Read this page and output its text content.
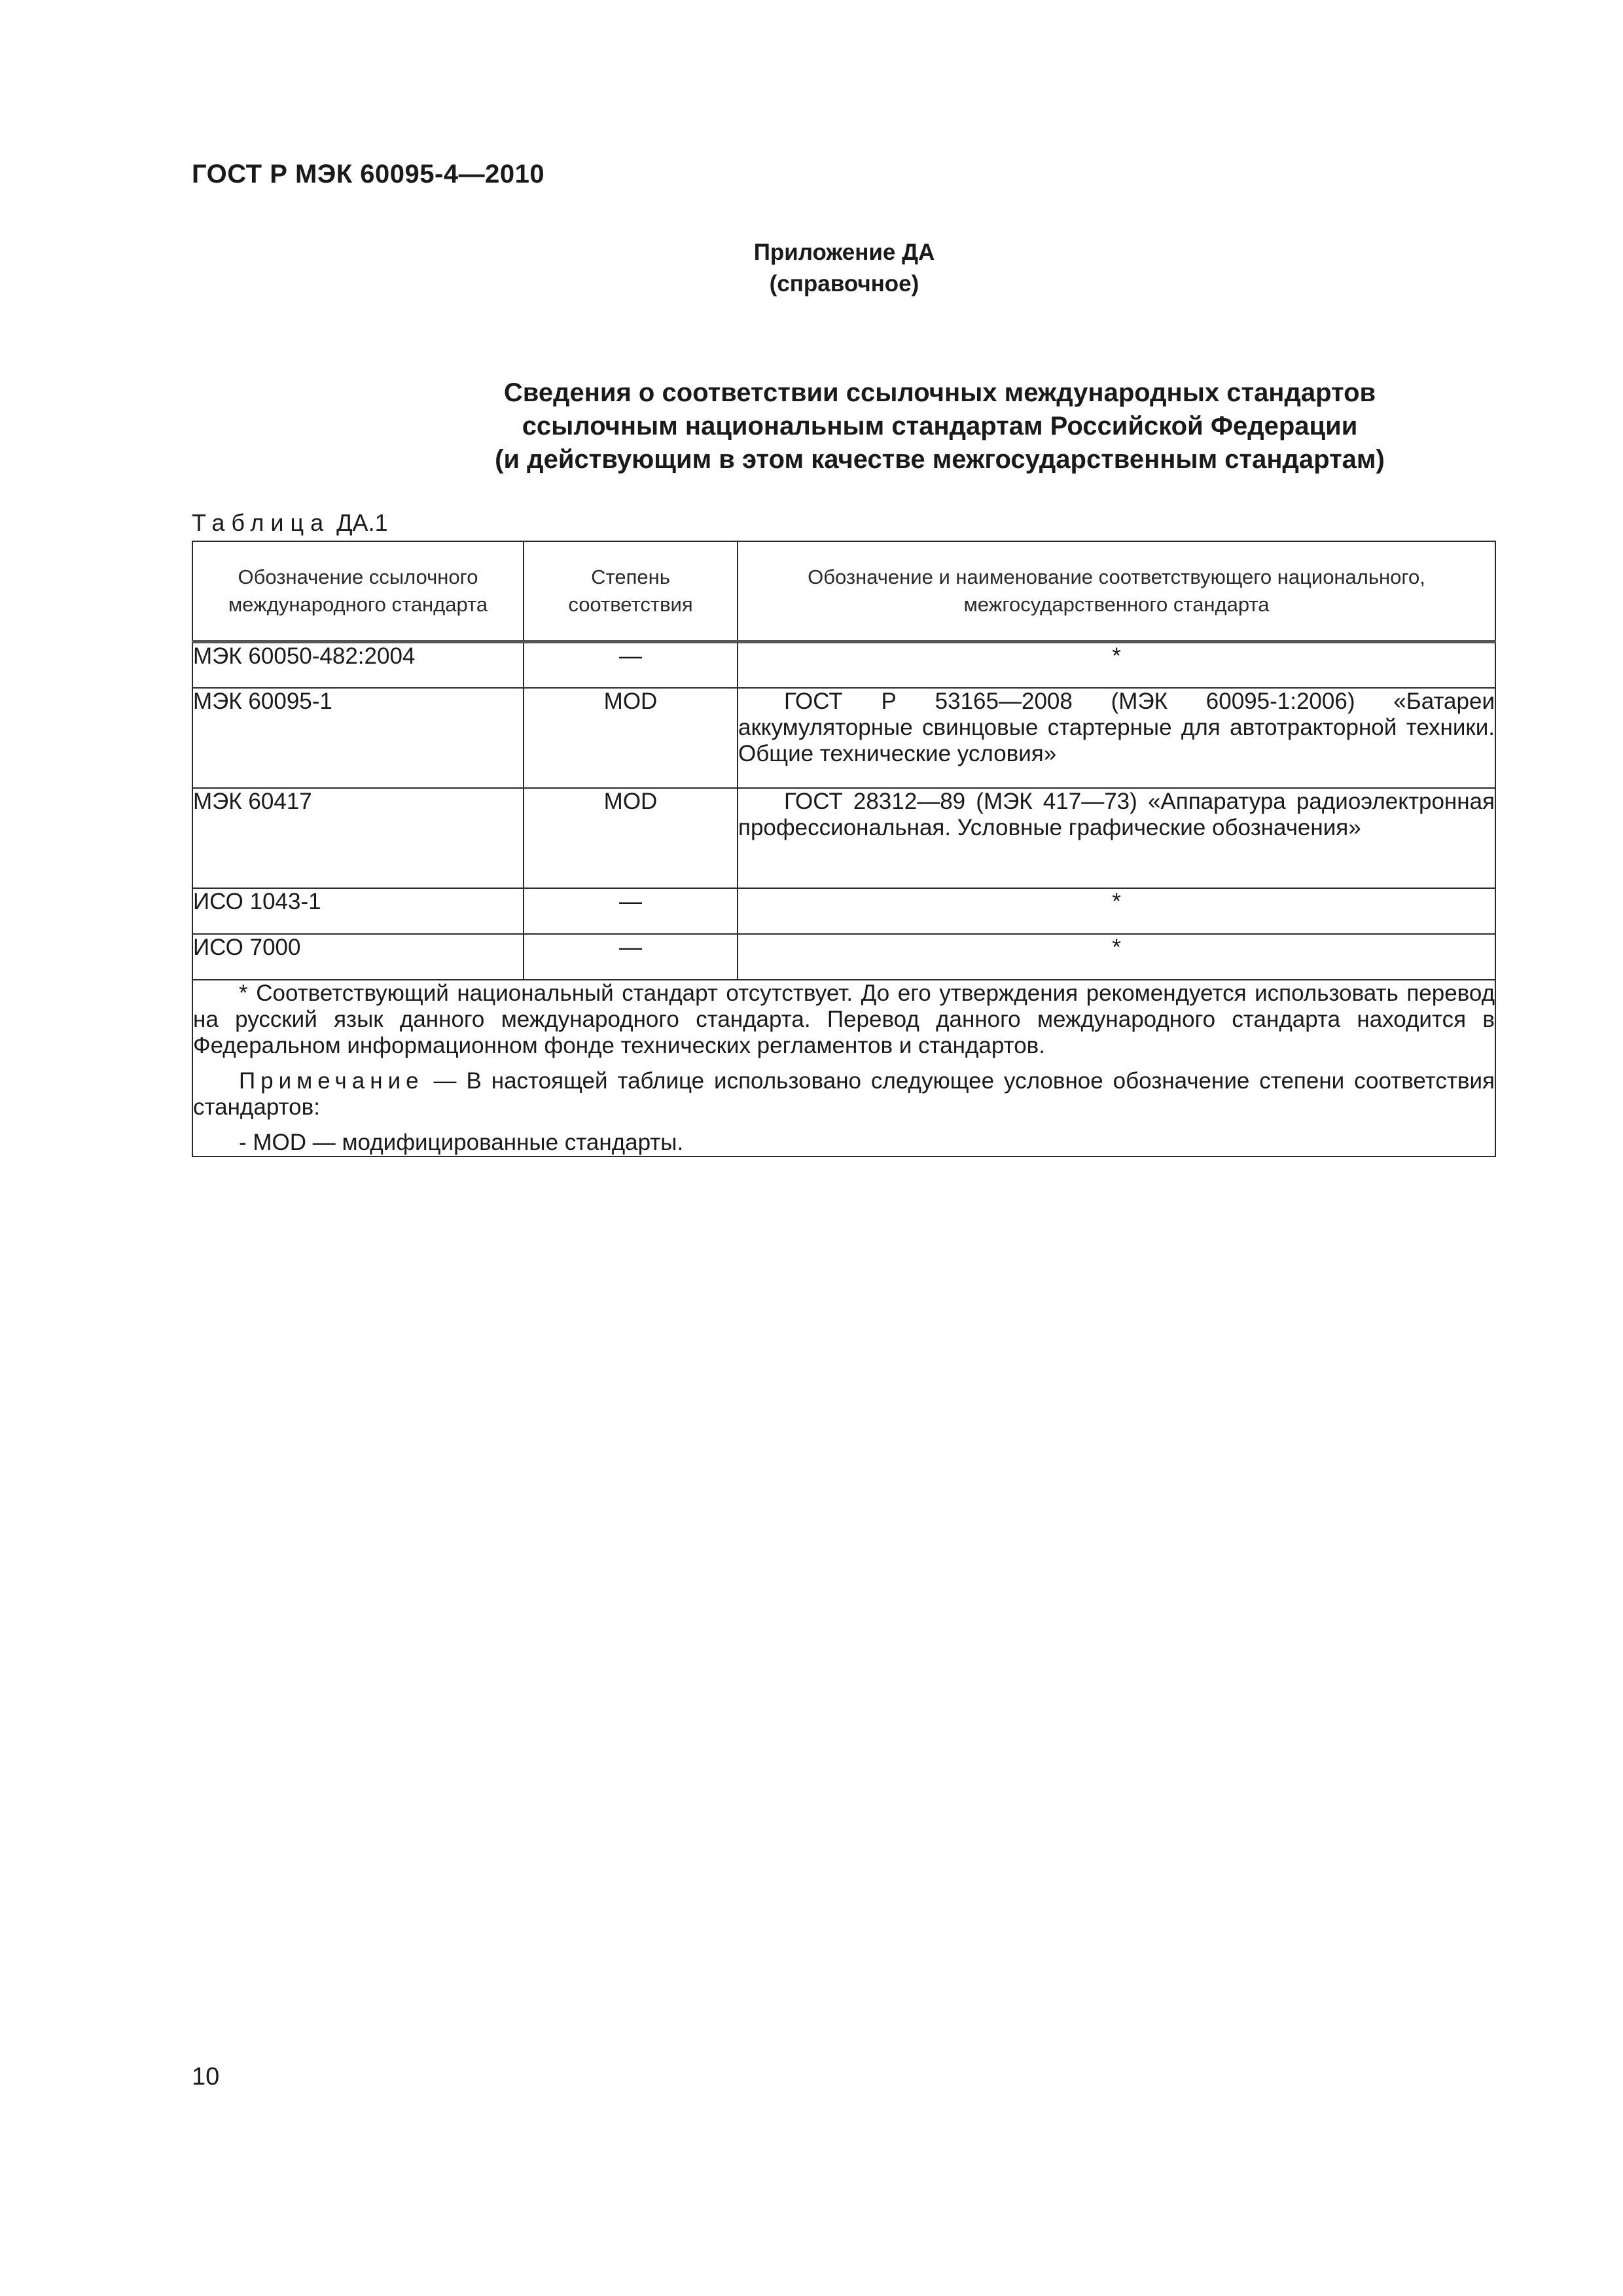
ГОСТ Р МЭК 60095-4—2010
Приложение ДА
(справочное)
Сведения о соответствии ссылочных международных стандартов
ссылочным национальным стандартам Российской Федерации
(и действующим в этом качестве межгосударственным стандартам)
Таблица ДА.1
Обозначение ссылочного международного стандарта	Степень соответствия	Обозначение и наименование соответствующего национального, межгосударственного стандарта
МЭК 60050-482:2004	—	*
МЭК 60095-1	MOD	ГОСТ Р 53165—2008 (МЭК 60095-1:2006) «Батареи аккумуляторные свинцовые стартерные для автотракторной техники. Общие технические условия»

МЭК 60417	MOD	ГОСТ 28312—89 (МЭК 417—73) «Аппаратура радиоэлектронная профессиональная. Условные графические обозначения»

ИСО 1043-1	—	*
ИСО 7000	—	*

* Соответствующий национальный стандарт отсутствует. До его утверждения рекомендуется использовать перевод на русский язык данного международного стандарта. Перевод данного международного стандарта находится в Федеральном информационном фонде технических регламентов и стандартов.
Примечание — В настоящей таблице использовано следующее условное обозначение степени соответствия стандартов:
- MOD — модифицированные стандарты.		
10
